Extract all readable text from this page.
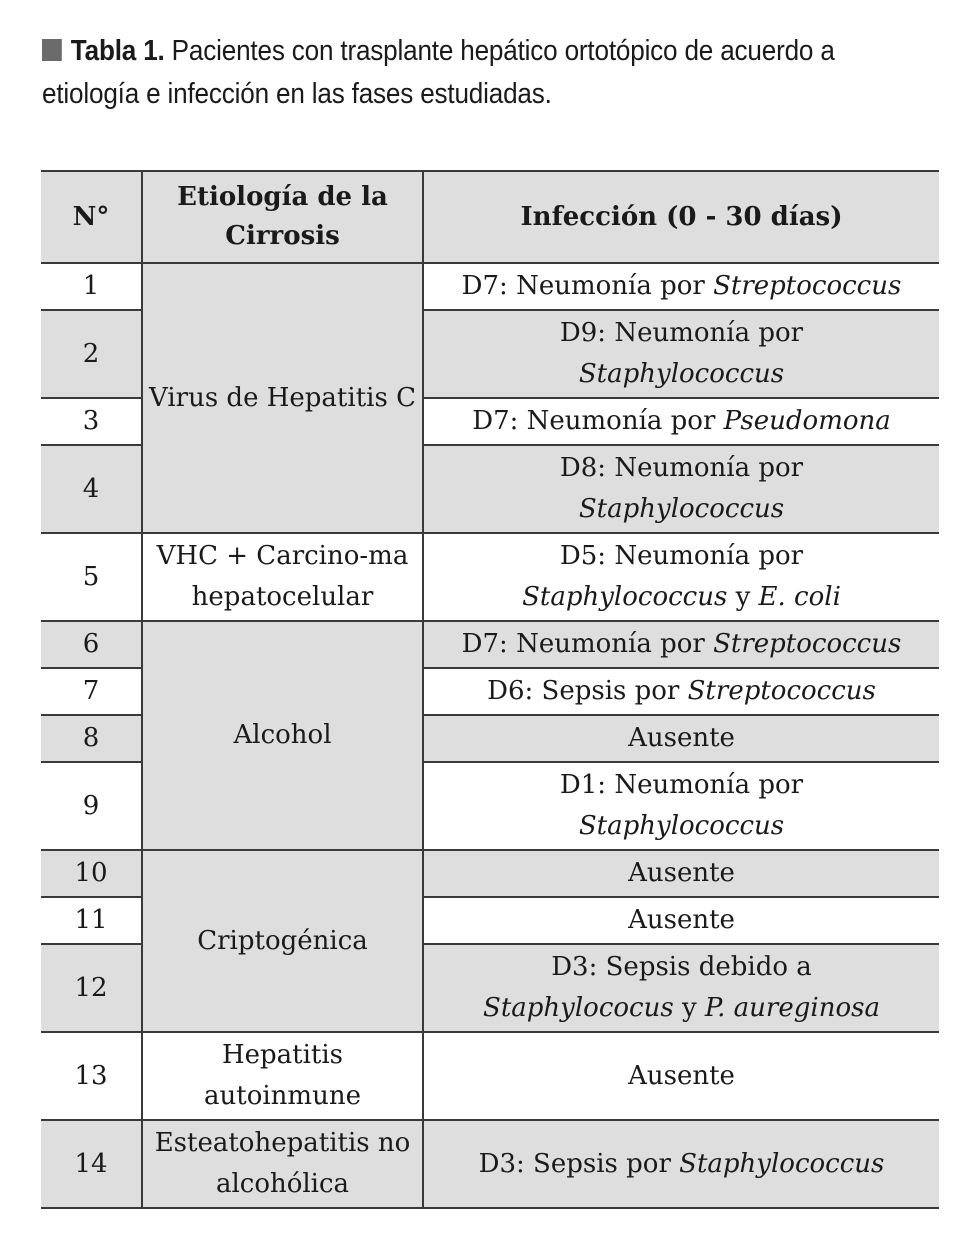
Tabla 1. Pacientes con trasplante hepático ortotópico de acuerdo a etiología e infección en las fases estudiadas.
N°	Etiología de la Cirrosis	Infección (0 - 30 días)
1	Virus de Hepatitis C	D7: Neumonía por Streptococcus
2		D9: Neumonía por
Staphylococcus
3		D7: Neumonía por Pseudomona
4		D8: Neumonía por
Staphylococcus
5	VHC + Carcino-ma hepatocelular	D5: Neumonía por
Staphylococcus y E. coli
6	Alcohol	D7: Neumonía por Streptococcus
7		D6: Sepsis por Streptococcus
8		Ausente
9		D1: Neumonía por
Staphylococcus
10	Criptogénica	Ausente
11		Ausente
12		D3: Sepsis debido a
Staphylococus y P. aureginosa
13	Hepatitis autoinmune	Ausente
14	Esteatohepatitis no alcohólica	D3: Sepsis por Staphylococcus
